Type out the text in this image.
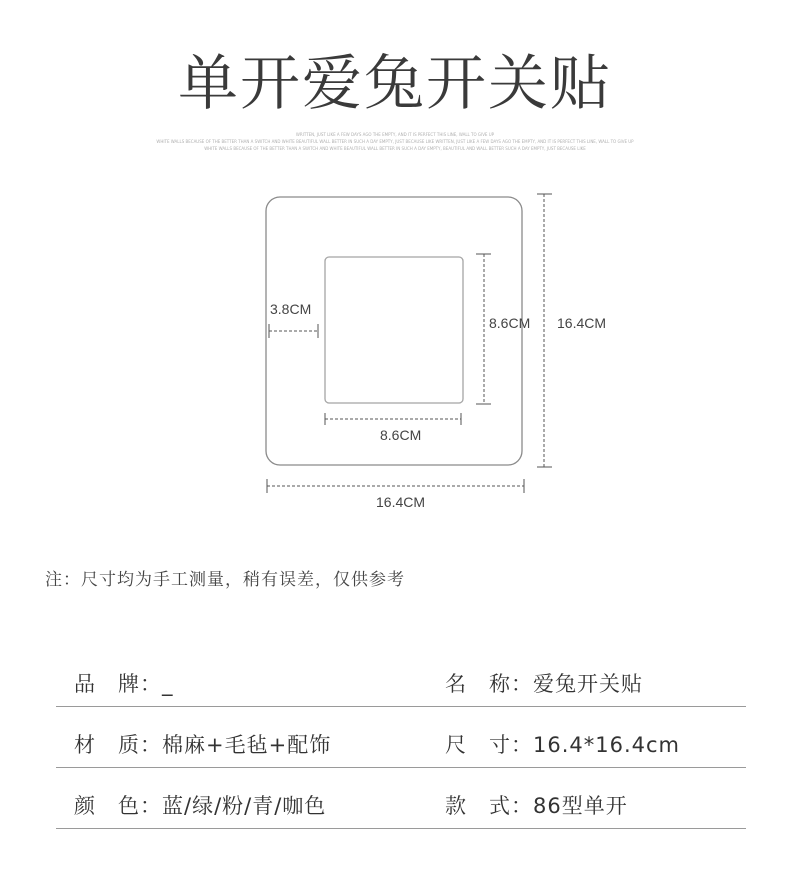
单开爱兔开关贴
WRITTEN, JUST LIKE A FEW DAYS AGO THE EMPTY, AND IT IS PERFECT THIS LINE, WALL TO GIVE UP
WHITE WALLS BECAUSE OF THE BETTER THAN A SWITCH AND WHITE BEAUTIFUL WALL BETTER IN SUCH A DAY EMPTY, JUST BECAUSE LIKE WRITTEN, JUST LIKE A FEW DAYS AGO THE EMPTY, AND IT IS PERFECT THIS LINE, WALL TO GIVE UP
WHITE WALLS BECAUSE OF THE BETTER THAN A SWITCH AND WHITE BEAUTIFUL WALL BETTER IN SUCH A DAY EMPTY, BEAUTIFUL AND WALL BETTER SUCH A DAY EMPTY, JUST BECAUSE LIKE
3.8CM
8.6CM
8.6CM 16.4CM
16.4CM
注：尺寸均为手工测量，稍有误差，仅供参考
品　牌：_	名　称：爱兔开关贴
材　质：棉麻+毛毡+配饰	尺　寸：16.4*16.4cm
颜　色：蓝/绿/粉/青/咖色	款　式：86型单开
